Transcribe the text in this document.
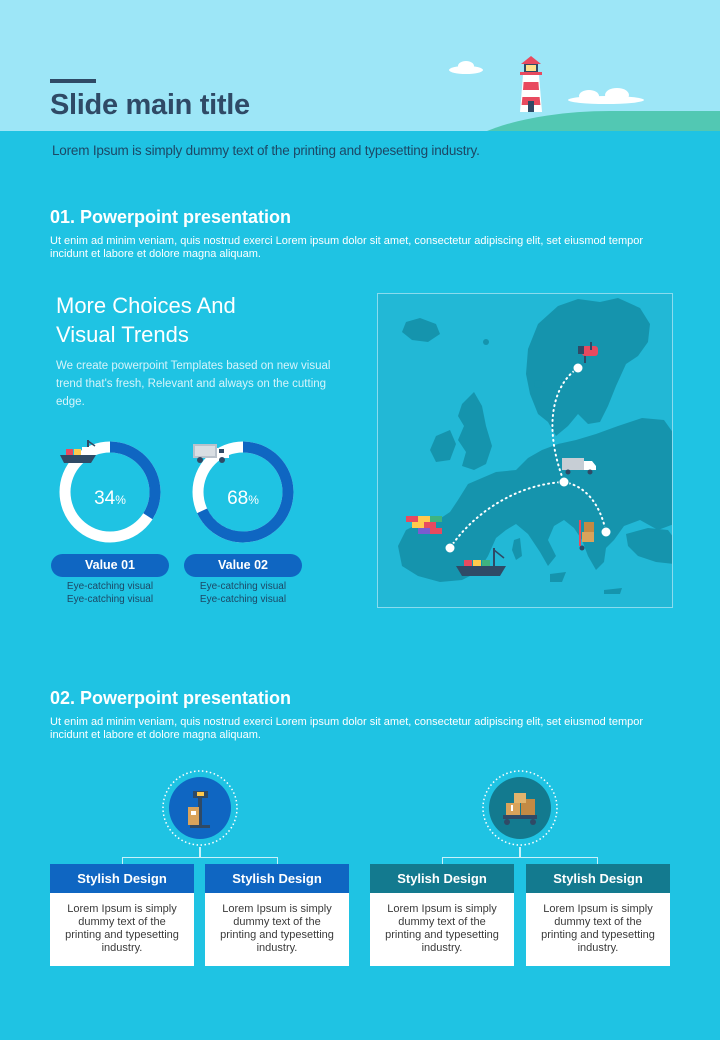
Slide main title
Lorem Ipsum is simply dummy text of the printing and typesetting industry.
01. Powerpoint presentation
Ut enim ad minim veniam, quis nostrud exerci Lorem ipsum dolor sit amet, consectetur adipiscing elit, set eiusmod tempor incidunt et labore et dolore magna aliquam.
More Choices And
Visual Trends
We create powerpoint Templates based on new visual trend that's fresh, Relevant and always on the cutting edge.
34%
Value 01
Eye-catching visual
Eye-catching visual
68%
Value 02
Eye-catching visual
Eye-catching visual
02. Powerpoint presentation
Ut enim ad minim veniam, quis nostrud exerci Lorem ipsum dolor sit amet, consectetur adipiscing elit, set eiusmod tempor incidunt et labore et dolore magna aliquam.
Stylish Design
Lorem Ipsum is simply dummy text of the printing and typesetting industry.
Stylish Design
Lorem Ipsum is simply dummy text of the printing and typesetting industry.
Stylish Design
Lorem Ipsum is simply dummy text of the printing and typesetting industry.
Stylish Design
Lorem Ipsum is simply dummy text of the printing and typesetting industry.
